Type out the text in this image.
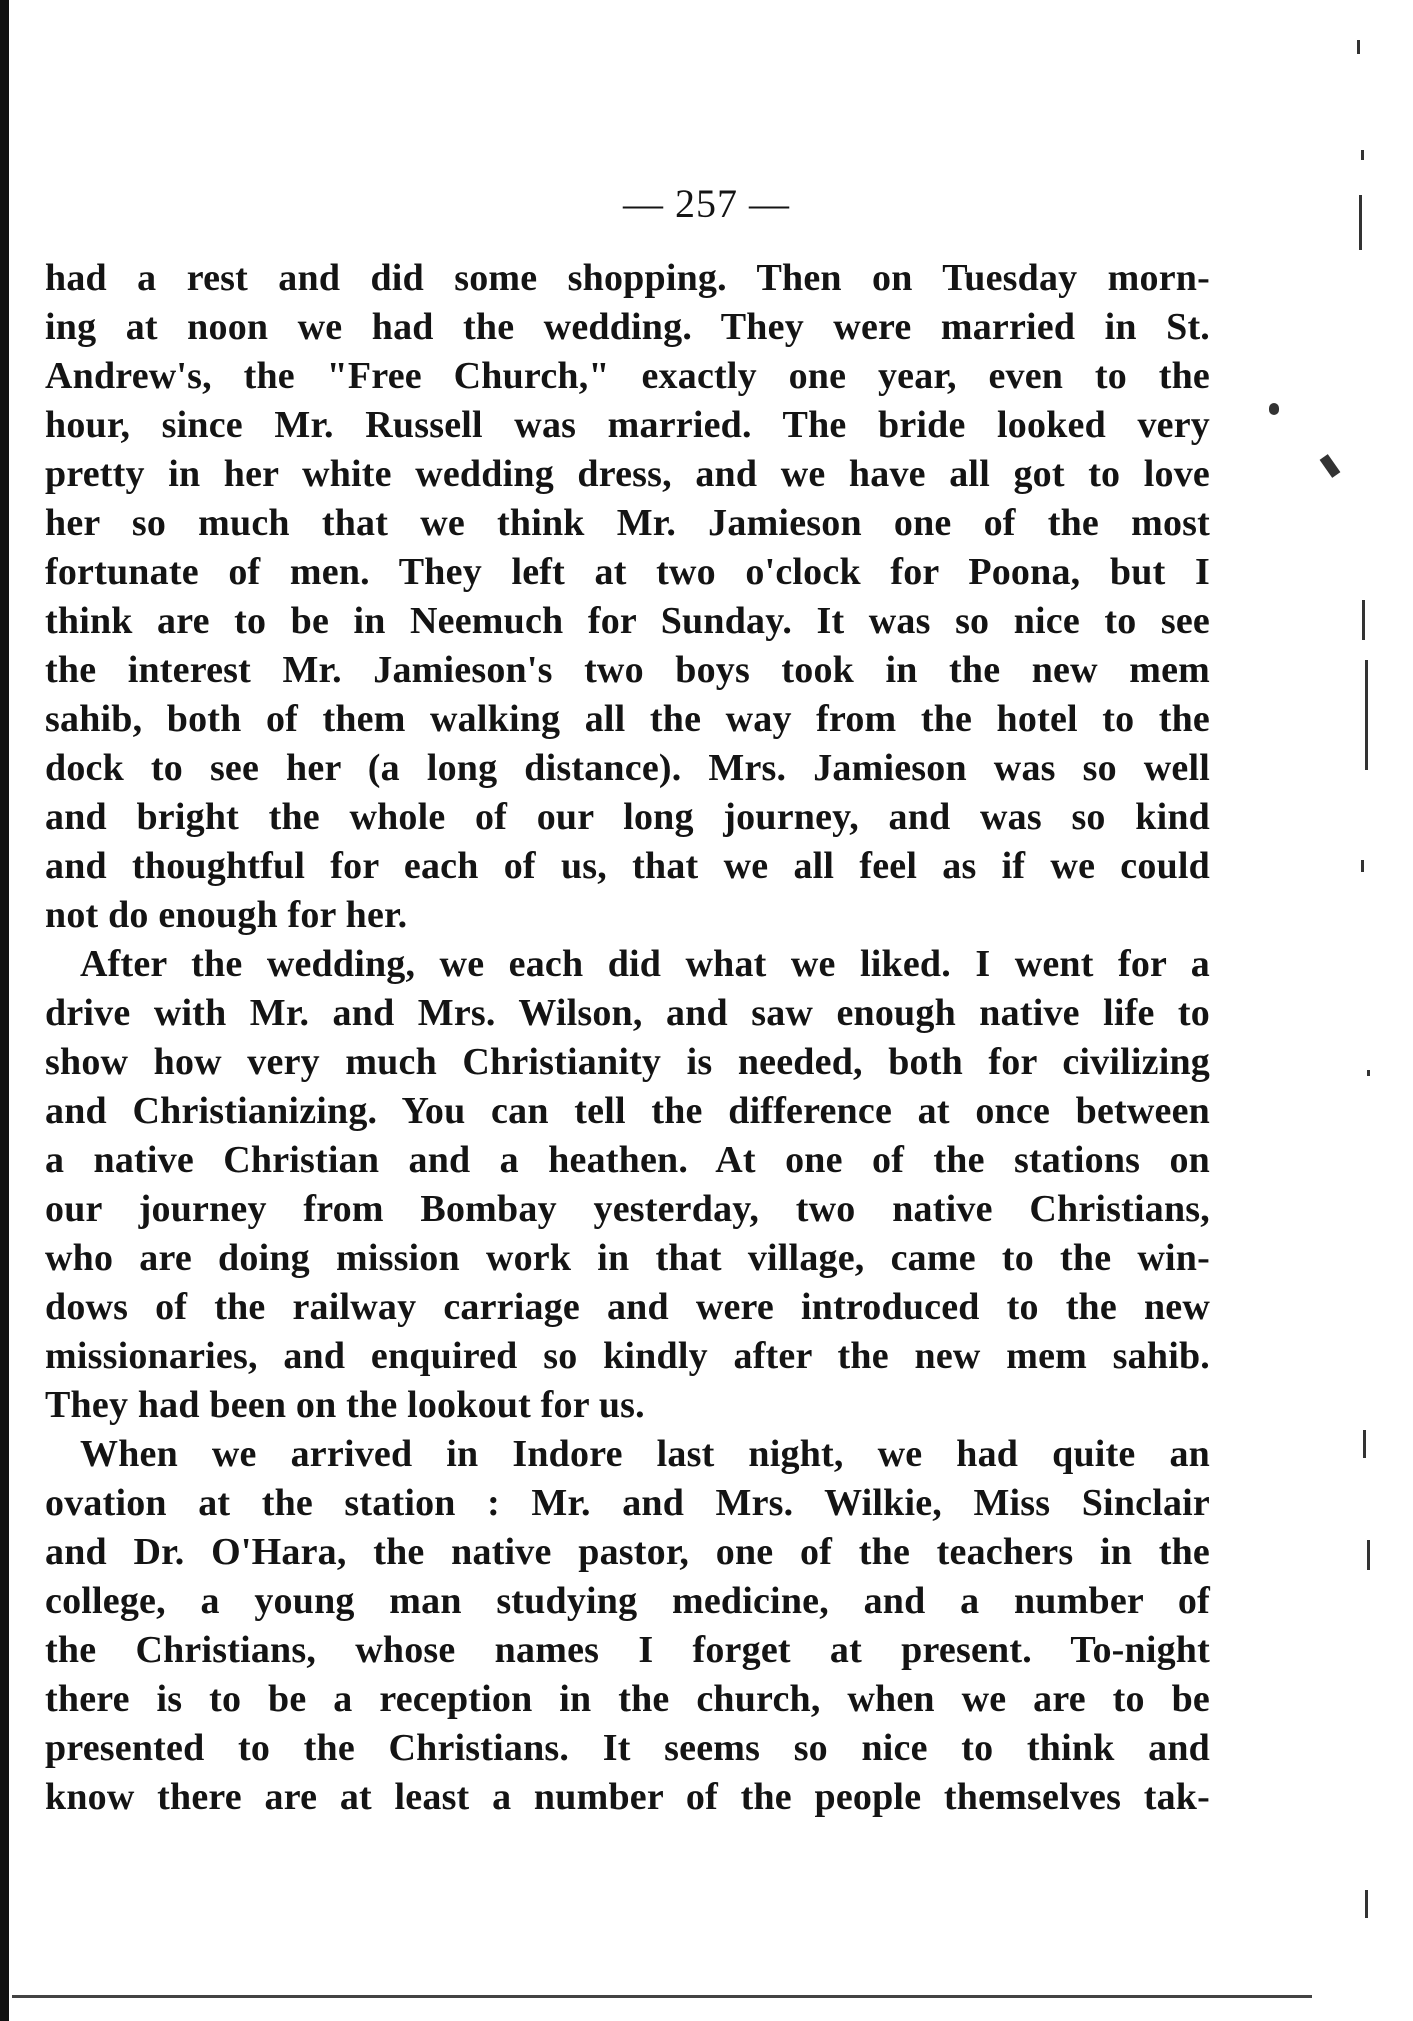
— 257 —
had a rest and did some shopping. Then on Tuesday morn-
ing at noon we had the wedding. They were married in St.
Andrew's, the "Free Church," exactly one year, even to the
hour, since Mr. Russell was married. The bride looked very
pretty in her white wedding dress, and we have all got to love
her so much that we think Mr. Jamieson one of the most
fortunate of men. They left at two o'clock for Poona, but I
think are to be in Neemuch for Sunday. It was so nice to see
the interest Mr. Jamieson's two boys took in the new mem
sahib, both of them walking all the way from the hotel to the
dock to see her (a long distance). Mrs. Jamieson was so well
and bright the whole of our long journey, and was so kind
and thoughtful for each of us, that we all feel as if we could
not do enough for her.
After the wedding, we each did what we liked. I went for a
drive with Mr. and Mrs. Wilson, and saw enough native life to
show how very much Christianity is needed, both for civilizing
and Christianizing. You can tell the difference at once between
a native Christian and a heathen. At one of the stations on
our journey from Bombay yesterday, two native Christians,
who are doing mission work in that village, came to the win-
dows of the railway carriage and were introduced to the new
missionaries, and enquired so kindly after the new mem sahib.
They had been on the lookout for us.
When we arrived in Indore last night, we had quite an
ovation at the station : Mr. and Mrs. Wilkie, Miss Sinclair
and Dr. O'Hara, the native pastor, one of the teachers in the
college, a young man studying medicine, and a number of
the Christians, whose names I forget at present. To-night
there is to be a reception in the church, when we are to be
presented to the Christians. It seems so nice to think and
know there are at least a number of the people themselves tak-
